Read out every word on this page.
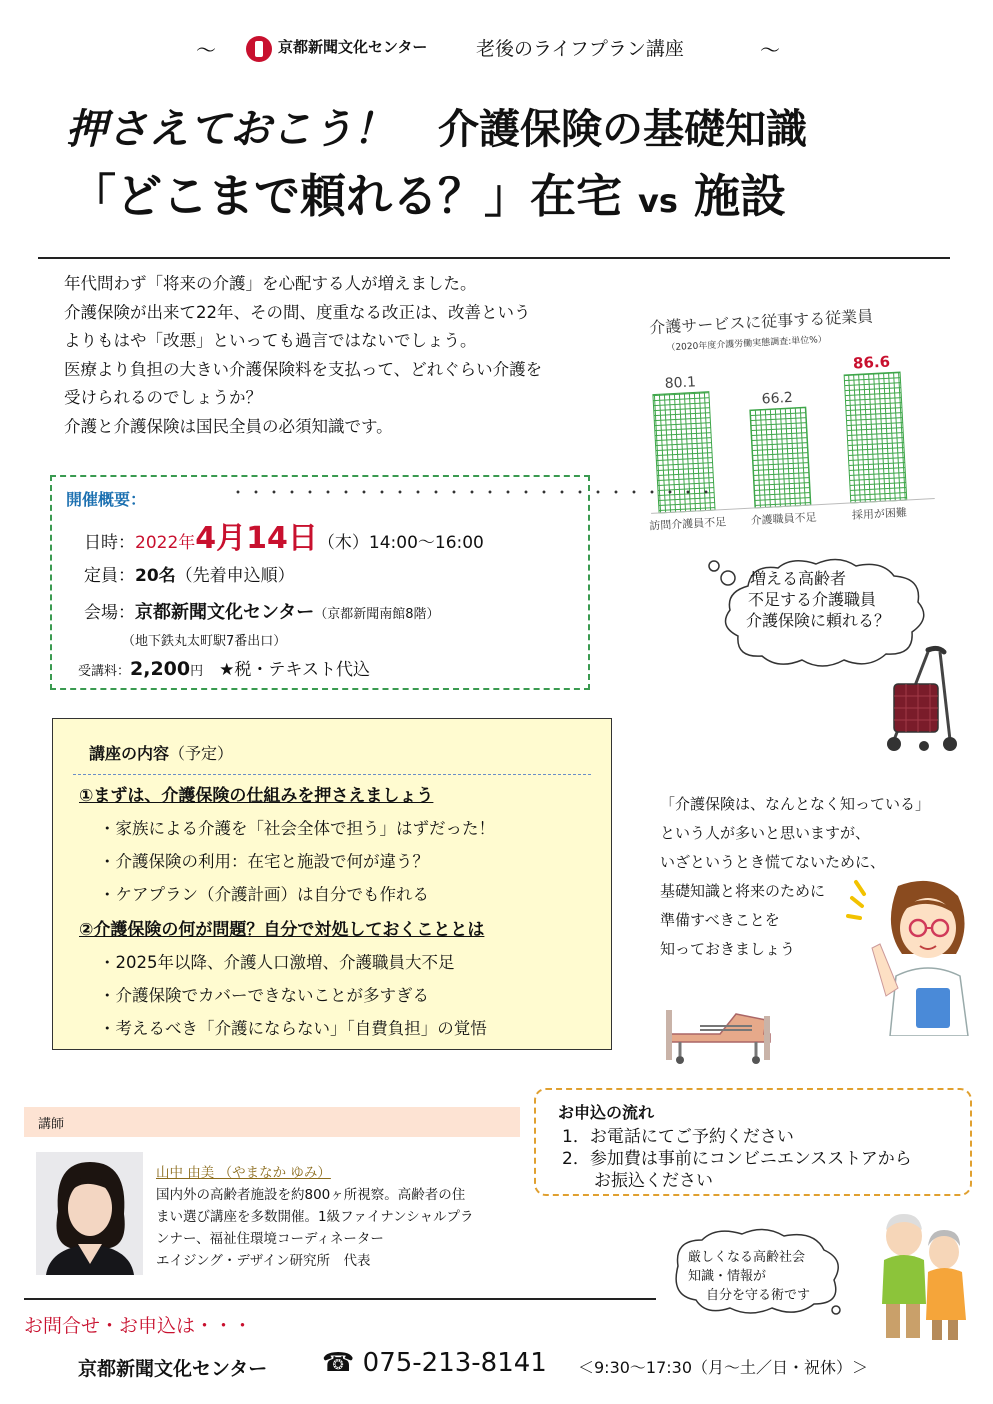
～	京都新聞文化センター	老後のライフプラン講座	～
押さえておこう！ 介護保険の基礎知識
「どこまで頼れる？」在宅 vs 施設
年代問わず「将来の介護」を心配する人が増えました。
介護保険が出来て22年、その間、度重なる改正は、改善という
よりもはや「改悪」といっても過言ではないでしょう。
医療より負担の大きい介護保険料を支払って、どれぐらい介護を
受けられるのでしょうか？
介護と介護保険は国民全員の必須知識です。
介護サービスに従事する従業員
（2020年度介護労働実態調査:単位%）
80.1
訪問介護員不足
66.2
介護職員不足
86.6
採用が困難
開催概要：	・・・・・・・・・・・・・・・・・・・・・・・・・・・
日時：2022年4月14日（木）14:00～16:00
定員：20名（先着申込順）
会場：京都新聞文化センター（京都新聞南館8階）
（地下鉄丸太町駅7番出口）
受講料：2,200円 ★税・テキスト代込
増える高齢者
不足する介護職員
介護保険に頼れる？
講座の内容（予定）
①まずは、介護保険の仕組みを押さえましょう
・家族による介護を「社会全体で担う」はずだった！
・介護保険の利用：在宅と施設で何が違う？
・ケアプラン（介護計画）は自分でも作れる
②介護保険の何が問題？自分で対処しておくこととは
・2025年以降、介護人口激増、介護職員大不足
・介護保険でカバーできないことが多すぎる
・考えるべき「介護にならない」「自費負担」の覚悟
「介護保険は、なんとなく知っている」
という人が多いと思いますが、
いざというとき慌てないために、
基礎知識と将来のために
準備すべきことを
知っておきましょう
講師
山中 由美 （やまなか ゆみ）
国内外の高齢者施設を約800ヶ所視察。高齢者の住
まい選び講座を多数開催。1級ファイナンシャルプラ
ンナー、福祉住環境コーディネーター
エイジング・デザイン研究所　代表
お申込の流れ
1．お電話にてご予約ください
2．参加費は事前にコンビニエンスストアから
お振込ください
厳しくなる高齢社会
知識・情報が
自分を守る術です
お問合せ・お申込は・・・
京都新聞文化センター ☎ 075-213-8141 ＜9:30～17:30（月～土／日・祝休）＞
